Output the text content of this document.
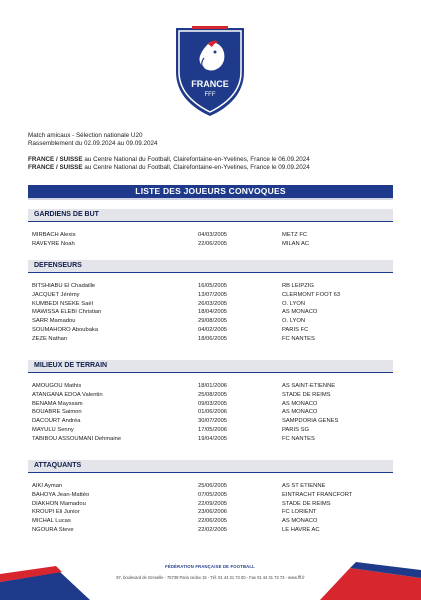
FRANCE
FFF
U20
Match amicaux - Sélection nationale U20
Rassemblement du 02.09.2024 au 09.09.2024
FRANCE / SUISSE au Centre National du Football, Clairefontaine-en-Yvelines, France le 06.09.2024
FRANCE / SUISSE au Centre National du Football, Clairefontaine-en-Yvelines, France le 09.09.2024
LISTE DES JOUEURS CONVOQUES
GARDIENS DE BUT
MIRBACH Alexis	04/03/2005	METZ FC
RAVEYRE Noah	22/06/2005	MILAN AC
DEFENSEURS
BITSHIABU El Chadaille	16/05/2005	RB LEIPZIG
JACQUET Jérémy	13/07/2005	CLERMONT FOOT 63
KUMBEDI NSEKE Saël	26/03/2005	O. LYON
MAWISSA ELEBI Christian	18/04/2005	AS MONACO
SARR Mamadou	29/08/2005	O. LYON
SOUMAHORO Aboubaka	04/02/2005	PARIS FC
ZEZE Nathan	18/06/2005	FC NANTES
MILIEUX DE TERRAIN
AMOUGOU Mathis	18/01/2006	AS SAINT-ETIENNE
ATANGANA EDOA Valentin	25/08/2005	STADE DE REIMS
BENAMA Mayssam	09/03/2005	AS MONACO
BOUABRE Saimon	01/06/2006	AS MONACO
DACOURT Andréa	30/07/2005	SAMPDORIA GENES
MAYULU Senny	17/05/2006	PARIS SG
TABIBOU ASSOUMANI Dehmaine	19/04/2005	FC NANTES
ATTAQUANTS
AIKI Ayman	25/06/2005	AS ST ETIENNE
BAHOYA Jean-Mattéo	07/05/2005	EINTRACHT FRANCFORT
DIAKHON Mamadou	22/09/2005	STADE DE REIMS
KROUPI Eli Junior	23/06/2006	FC LORIENT
MICHAL Lucas	22/06/2005	AS MONACO
NGOURA Steve	22/02/2005	LE HAVRE AC
FÉDÉRATION FRANÇAISE DE FOOTBALL
87, boulevard de Grenelle - 75738 Paris cedex 15 - Tél. 01 44 31 73 00 - Fax 01 44 31 73 73 - www.fff.fr
